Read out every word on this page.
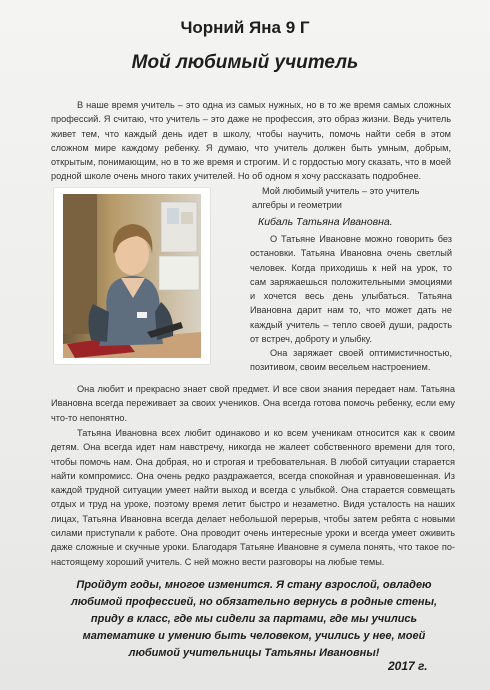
Чорний Яна 9 Г
Мой любимый учитель

В наше время учитель – это одна из самых нужных, но в то же время самых сложных профессий. Я считаю, что учитель – это даже не профессия, это образ жизни. Ведь учитель живет тем, что каждый день идет в школу, чтобы научить, помочь найти себя в этом сложном мире каждому ребенку. Я думаю, что учитель должен быть умным, добрым, открытым, понимающим, но в то же время и строгим. И с гордостью могу сказать, что в моей родной школе очень много таких учителей. Но об одном я хочу рассказать подробнее.

Мой любимый учитель – это учитель
алгебры и геометрии
Кибаль Татьяна Ивановна.

О Татьяне Ивановне можно говорить без остановки. Татьяна Ивановна очень светлый человек. Когда приходишь к ней на урок, то сам заряжаешься положительными эмоциями и хочется весь день улыбаться. Татьяна Ивановна дарит нам то, что может дать не каждый учитель – тепло своей души, радость от встреч, доброту и улыбку.

Она заряжает своей оптимистичностью, позитивом, своим весельем настроением.

Она любит и прекрасно знает свой предмет. И все свои знания передает нам. Татьяна Ивановна всегда переживает за своих учеников. Она всегда готова помочь ребенку, если ему что-то непонятно.

Татьяна Ивановна всех любит одинаково и ко всем ученикам относится как к своим детям. Она всегда идет нам навстречу, никогда не жалеет собственного времени для того, чтобы помочь нам. Она добрая, но и строгая и требовательная. В любой ситуации старается найти компромисс. Она очень редко раздражается, всегда спокойная и уравновешенная. Из каждой трудной ситуации умеет найти выход и всегда с улыбкой. Она старается совмещать отдых и труд на уроке, поэтому время летит быстро и незаметно. Видя усталость на наших лицах, Татьяна Ивановна всегда делает небольшой перерыв, чтобы затем ребята с новыми силами приступали к работе. Она проводит очень интересные уроки и всегда умеет оживить даже сложные и скучные уроки. Благодаря Татьяне Ивановне я сумела понять, что такое по-настоящему хороший учитель. С ней можно вести разговоры на любые темы.

Пройдут годы, многое изменится. Я стану взрослой, овладею любимой профессией, но обязательно вернусь в родные стены, приду в класс, где мы сидели за партами, где мы учились математике и умению быть человеком, учились у нее, моей любимой учительницы Татьяны Ивановны!
2017 г.
